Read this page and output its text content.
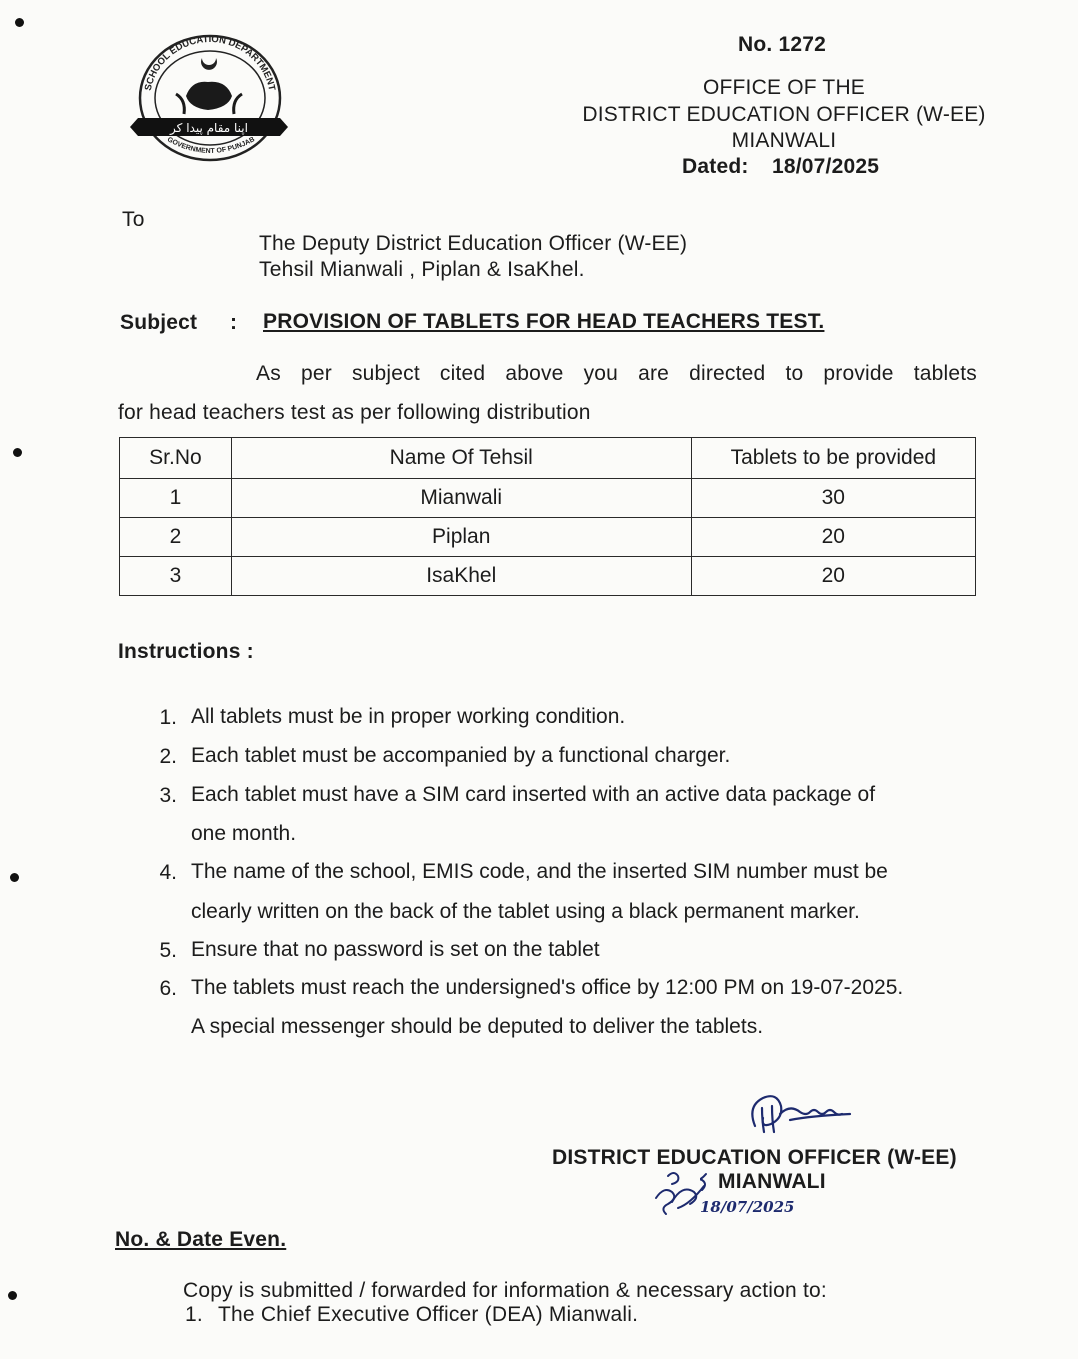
SCHOOL EDUCATION DEPARTMENT
GOVERNMENT OF PUNJAB
اپنا مقام پیدا کر
No. 1272
OFFICE OF THE
DISTRICT EDUCATION OFFICER (W-EE)
MIANWALI
Dated: 18/07/2025
To
The Deputy District Education Officer (W-EE)
Tehsil Mianwali , Piplan & IsaKhel.
Subject : PROVISION OF TABLETS FOR HEAD TEACHERS TEST.
As per subject cited above you are directed to provide tablets
for head teachers test as per following distribution
Sr.No	Name Of Tehsil	Tablets to be provided
1	Mianwali	30
2	Piplan	20
3	IsaKhel	20
Instructions :
1. All tablets must be in proper working condition.
2. Each tablet must be accompanied by a functional charger.
3. Each tablet must have a SIM card inserted with an active data package of
one month.
4. The name of the school, EMIS code, and the inserted SIM number must be
clearly written on the back of the tablet using a black permanent marker.
5. Ensure that no password is set on the tablet
6. The tablets must reach the undersigned's office by 12:00 PM on 19-07-2025.
A special messenger should be deputed to deliver the tablets.
DISTRICT EDUCATION OFFICER (W-EE)
MIANWALI
18/07/2025
No. & Date Even.
Copy is submitted / forwarded for information & necessary action to:
1. The Chief Executive Officer (DEA) Mianwali.
